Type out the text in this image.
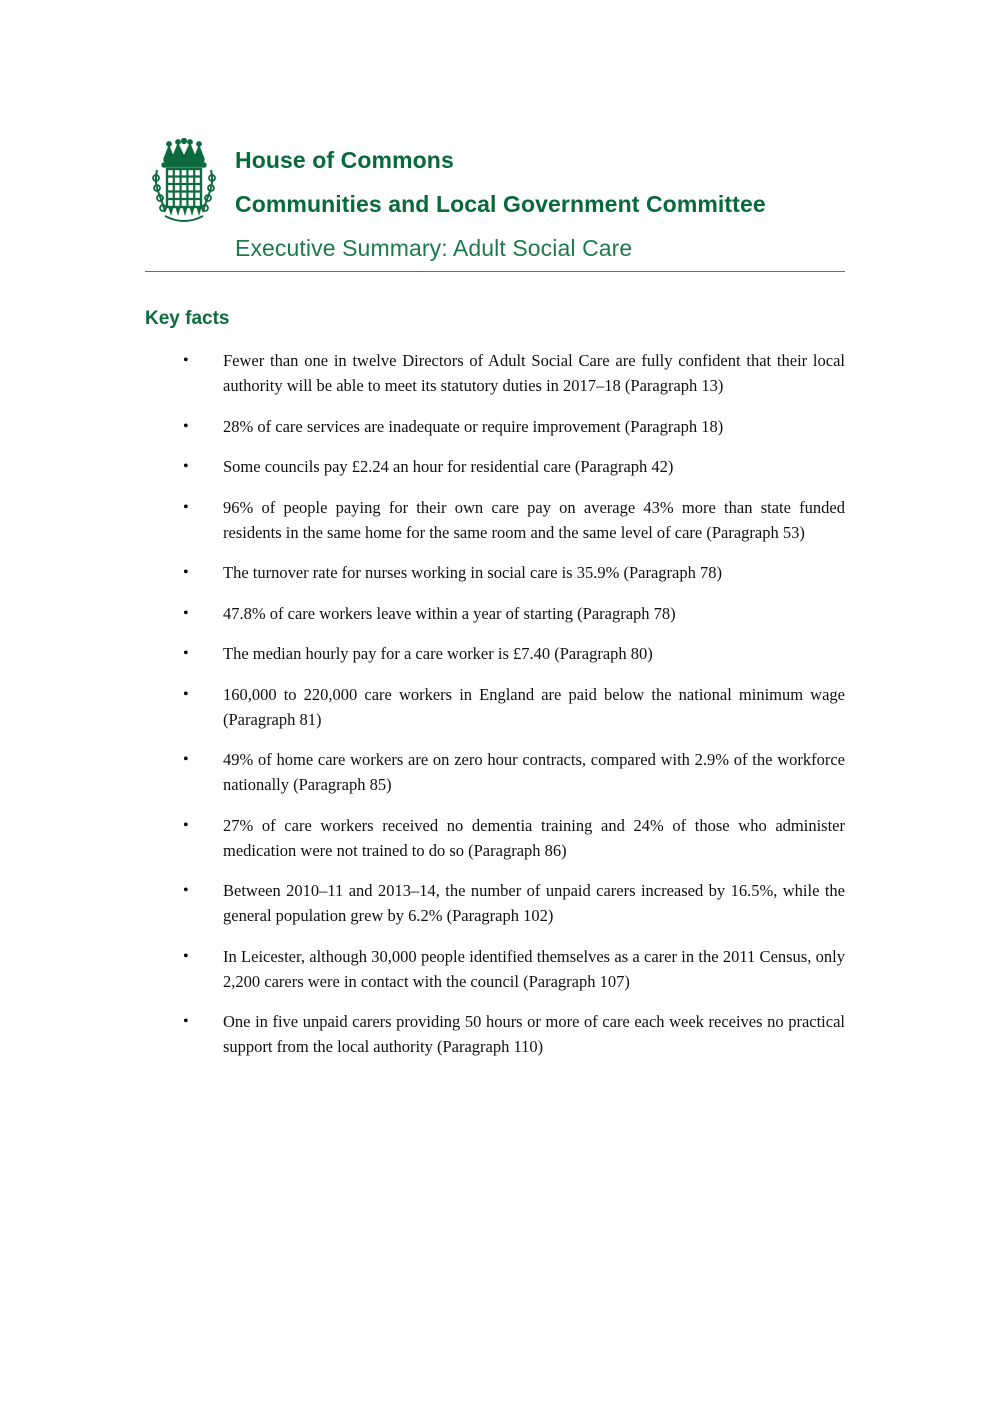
House of Commons
Communities and Local Government Committee
Executive Summary: Adult Social Care
Key facts
•	Fewer than one in twelve Directors of Adult Social Care are fully confident that their local authority will be able to meet its statutory duties in 2017–18 (Paragraph 13)
•	28% of care services are inadequate or require improvement (Paragraph 18)
•	Some councils pay £2.24 an hour for residential care (Paragraph 42)
•	96% of people paying for their own care pay on average 43% more than state funded residents in the same home for the same room and the same level of care (Paragraph 53)
•	The turnover rate for nurses working in social care is 35.9% (Paragraph 78)
•	47.8% of care workers leave within a year of starting (Paragraph 78)
•	The median hourly pay for a care worker is £7.40 (Paragraph 80)
•	160,000 to 220,000 care workers in England are paid below the national minimum wage (Paragraph 81)
•	49% of home care workers are on zero hour contracts, compared with 2.9% of the workforce nationally (Paragraph 85)
•	27% of care workers received no dementia training and 24% of those who administer medication were not trained to do so (Paragraph 86)
•	Between 2010–11 and 2013–14, the number of unpaid carers increased by 16.5%, while the general population grew by 6.2% (Paragraph 102)
•	In Leicester, although 30,000 people identified themselves as a carer in the 2011 Census, only 2,200 carers were in contact with the council (Paragraph 107)
•	One in five unpaid carers providing 50 hours or more of care each week receives no practical support from the local authority (Paragraph 110)
